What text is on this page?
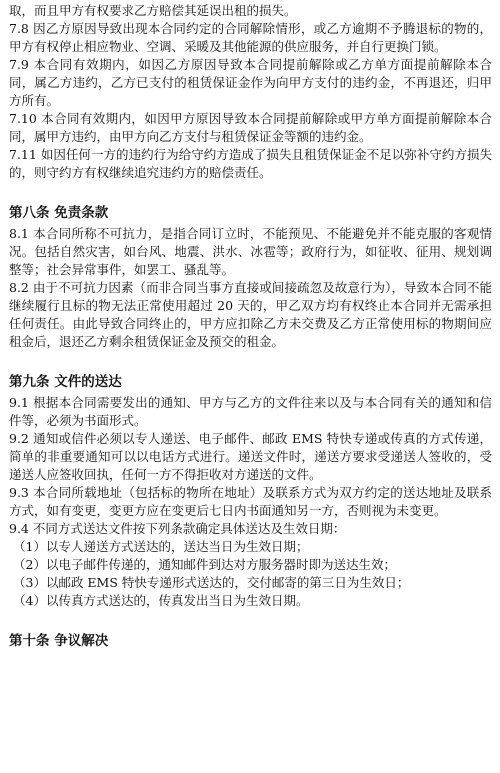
取，而且甲方有权要求乙方赔偿其延误出租的损失。

7.8 因乙方原因导致出现本合同约定的合同解除情形，或乙方逾期不予腾退标的物的，甲方有权停止相应物业、空调、采暖及其他能源的供应服务，并自行更换门锁。

7.9 本合同有效期内，如因乙方原因导致本合同提前解除或乙方单方面提前解除本合同，属乙方违约，乙方已支付的租赁保证金作为向甲方支付的违约金，不再退还，归甲方所有。

7.10 本合同有效期内，如因甲方原因导致本合同提前解除或甲方单方面提前解除本合同，属甲方违约，由甲方向乙方支付与租赁保证金等额的违约金。

7.11 如因任何一方的违约行为给守约方造成了损失且租赁保证金不足以弥补守约方损失的，则守约方有权继续追究违约方的赔偿责任。

第八条 免责条款

8.1 本合同所称不可抗力，是指合同订立时，不能预见、不能避免并不能克服的客观情况。包括自然灾害，如台风、地震、洪水、冰雹等；政府行为，如征收、征用、规划调整等；社会异常事件，如罢工、骚乱等。

8.2 由于不可抗力因素（而非合同当事方直接或间接疏忽及故意行为），导致本合同不能继续履行且标的物无法正常使用超过 20 天的，甲乙双方均有权终止本合同并无需承担任何责任。由此导致合同终止的，甲方应扣除乙方未交费及乙方正常使用标的物期间应租金后，退还乙方剩余租赁保证金及预交的租金。

第九条 文件的送达

9.1 根据本合同需要发出的通知、甲方与乙方的文件往来以及与本合同有关的通知和信件等，必须为书面形式。

9.2 通知或信件必须以专人递送、电子邮件、邮政 EMS 特快专递或传真的方式传递，简单的非重要通知可以以电话方式进行。递送文件时，递送方要求受递送人签收的，受递送人应签收回执，任何一方不得拒收对方递送的文件。

9.3 本合同所载地址（包括标的物所在地址）及联系方式为双方约定的送达地址及联系方式，如有变更，变更方应在变更后七日内书面通知另一方，否则视为未变更。

9.4 不同方式送达文件按下列条款确定具体送达及生效日期：

（1）以专人递送方式送达的，送达当日为生效日期；

（2）以电子邮件传递的，通知邮件到达对方服务器时即为送达生效；

（3）以邮政 EMS 特快专递形式送达的，交付邮寄的第三日为生效日；

（4）以传真方式送达的，传真发出当日为生效日期。

第十条 争议解决
